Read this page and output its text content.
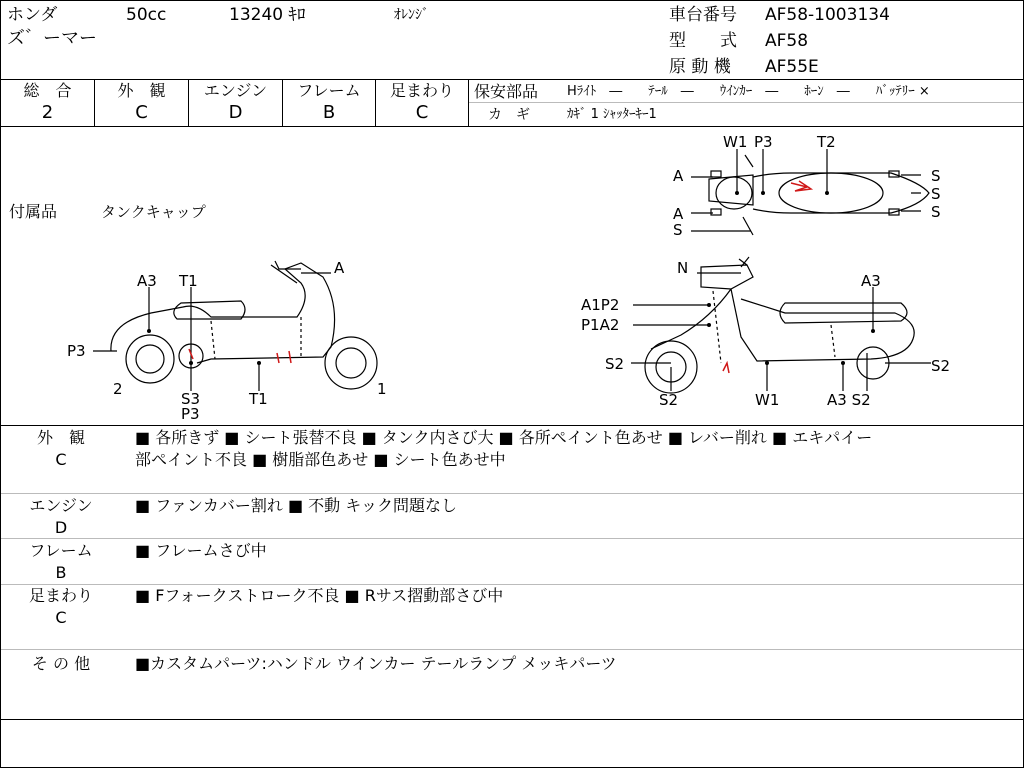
ホンダ	50cc	13240 ｷﾛ	ｵﾚﾝｼﾞ
ズ゛ーマー
車台番号 AF58-1003134
型　　式 AF58
原 動 機 AF55E
総　合	外　観	エンジン	フレーム	足まわり
2	C	D	B	C
保安部品 Hﾗｲﾄ　―　　ﾃｰﾙ　―　　ｳｲﾝｶｰ　―　　ﾎｰﾝ　―　　ﾊﾞｯﾃﾘｰ ×
カ　ギ	ｶｷﾞ 1 ｼｬｯﾀｰｷｰ1
付属品	タンクキャップ
W1 P3	T2
A
A
S
S
S
S
A
A3 T1
P3
2
S3
P3
T1
1
N
A3
A1P2
P1A2
S2	S2
S2	W1	A3 S2
外　観
C
■ 各所きず ■ シート張替不良 ■ タンク内さび大 ■ 各所ペイント色あせ ■ レバー削れ ■ エキパイー
部ペイント不良 ■ 樹脂部色あせ ■ シート色あせ中
エンジン
D
■ ファンカバー割れ ■ 不動 キック問題なし
フレーム
B
■ フレームさび中
足まわり
C
■ Fフォークストローク不良 ■ Rサス摺動部さび中
そ の 他	■カスタムパーツ:ハンドル ウインカー テールランプ メッキパーツ
